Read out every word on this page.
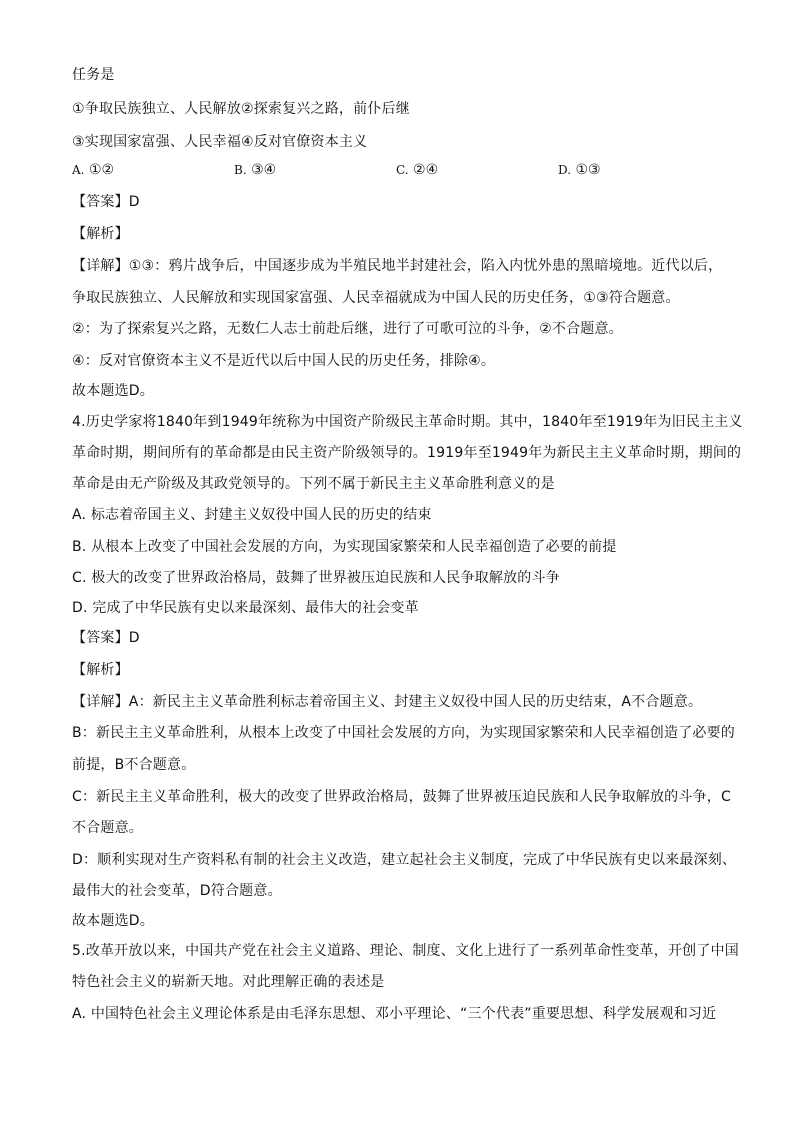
任务是
①争取民族独立、人民解放②探索复兴之路，前仆后继
③实现国家富强、人民幸福④反对官僚资本主义
A. ①②	B. ③④	C. ②④	D. ①③
【答案】D
【解析】
【详解】①③：鸦片战争后，中国逐步成为半殖民地半封建社会，陷入内忧外患的黑暗境地。近代以后，
争取民族独立、人民解放和实现国家富强、人民幸福就成为中国人民的历史任务，①③符合题意。
②：为了探索复兴之路，无数仁人志士前赴后继，进行了可歌可泣的斗争，②不合题意。
④：反对官僚资本主义不是近代以后中国人民的历史任务，排除④。
故本题选D。
4.历史学家将1840年到1949年统称为中国资产阶级民主革命时期。其中，1840年至1919年为旧民主主义
革命时期，期间所有的革命都是由民主资产阶级领导的。1919年至1949年为新民主主义革命时期，期间的
革命是由无产阶级及其政党领导的。下列不属于新民主主义革命胜利意义的是
A. 标志着帝国主义、封建主义奴役中国人民的历史的结束
B. 从根本上改变了中国社会发展的方向，为实现国家繁荣和人民幸福创造了必要的前提
C. 极大的改变了世界政治格局，鼓舞了世界被压迫民族和人民争取解放的斗争
D. 完成了中华民族有史以来最深刻、最伟大的社会变革
【答案】D
【解析】
【详解】A：新民主主义革命胜利标志着帝国主义、封建主义奴役中国人民的历史结束，A不合题意。
B：新民主主义革命胜利，从根本上改变了中国社会发展的方向，为实现国家繁荣和人民幸福创造了必要的
前提，B不合题意。
C：新民主主义革命胜利，极大的改变了世界政治格局，鼓舞了世界被压迫民族和人民争取解放的斗争，C
不合题意。
D：顺利实现对生产资料私有制的社会主义改造，建立起社会主义制度，完成了中华民族有史以来最深刻、
最伟大的社会变革，D符合题意。
故本题选D。
5.改革开放以来，中国共产党在社会主义道路、理论、制度、文化上进行了一系列革命性变革，开创了中国
特色社会主义的崭新天地。对此理解正确的表述是
A. 中国特色社会主义理论体系是由毛泽东思想、邓小平理论、“三个代表”重要思想、科学发展观和习近
